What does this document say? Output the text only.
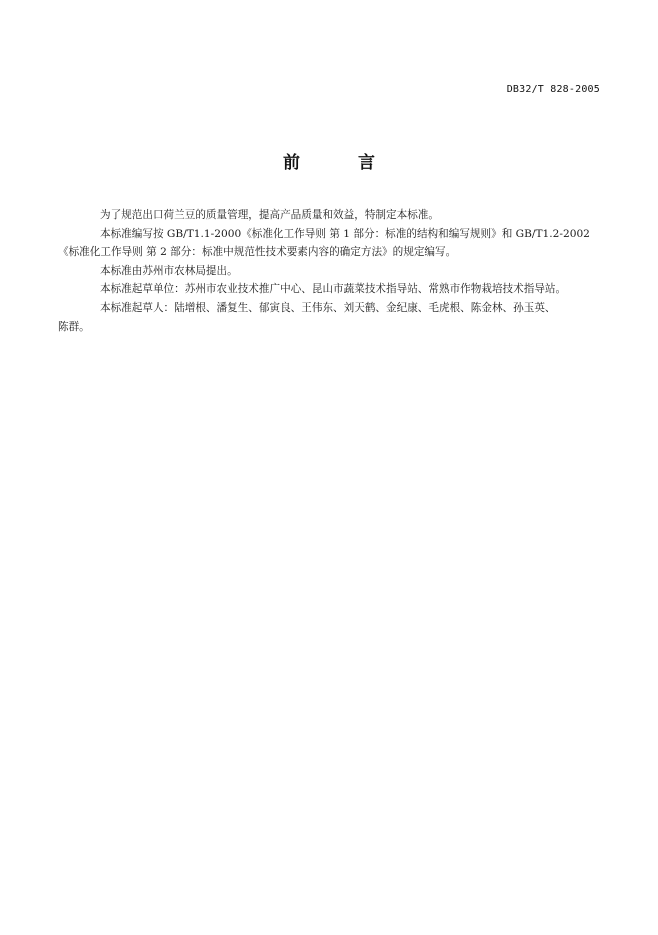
DB32/T 828-2005
前 言

为了规范出口荷兰豆的质量管理，提高产品质量和效益，特制定本标准。

本标准编写按 GB/T1.1-2000《标准化工作导则 第 1 部分：标准的结构和编写规则》和 GB/T1.2-2002
《标准化工作导则 第 2 部分：标准中规范性技术要素内容的确定方法》的规定编写。

本标准由苏州市农林局提出。

本标准起草单位：苏州市农业技术推广中心、昆山市蔬菜技术指导站、常熟市作物栽培技术指导站。

本标准起草人：陆增根、潘复生、郁寅良、王伟东、刘天鹤、金纪康、毛虎根、陈金林、孙玉英、
陈群。
